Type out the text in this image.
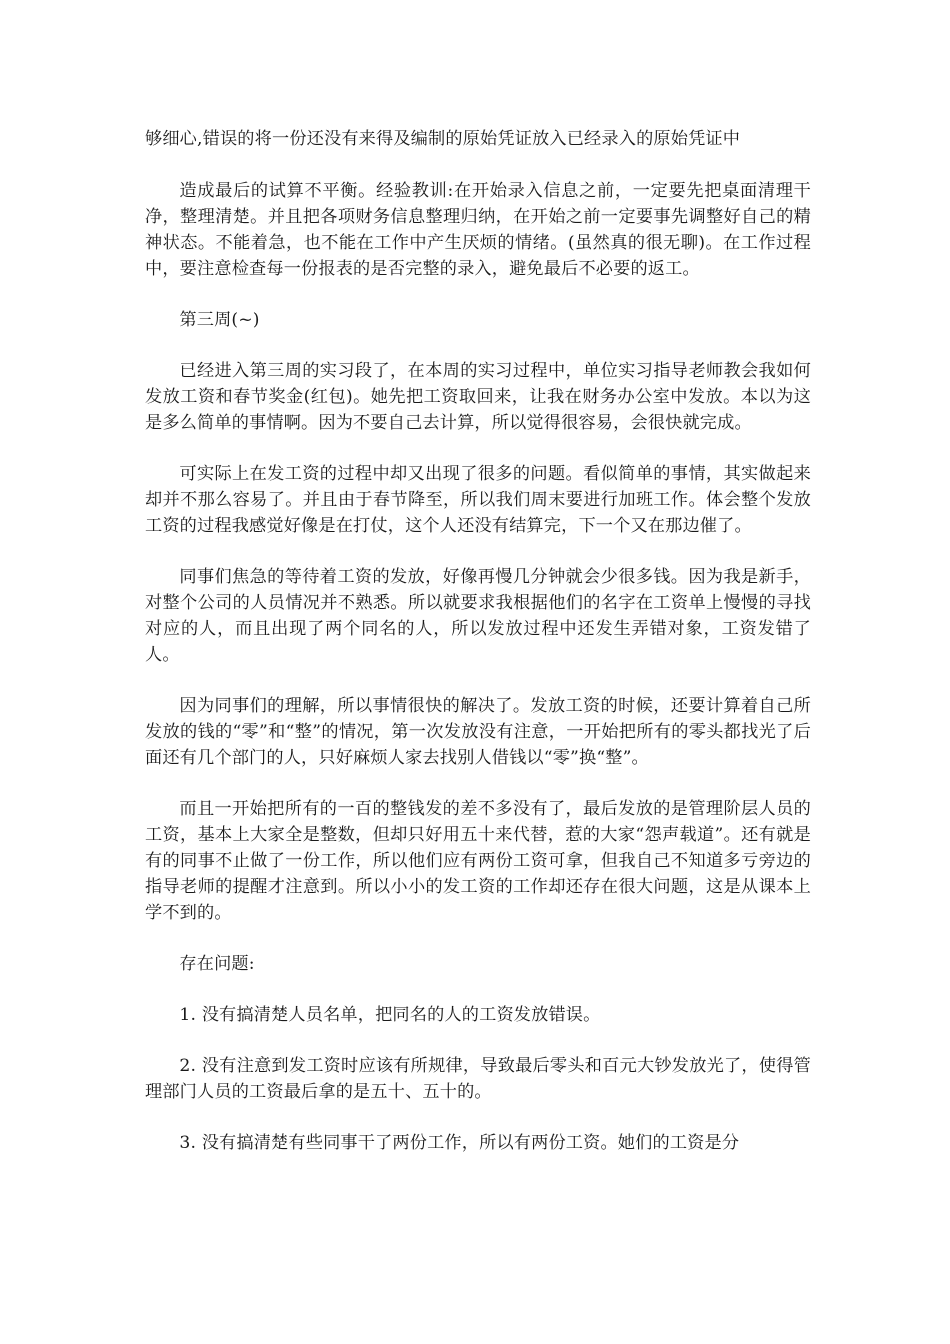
够细心,错误的将一份还没有来得及编制的原始凭证放入已经录入的原始凭证中

造成最后的试算不平衡。经验教训:在开始录入信息之前，一定要先把桌面清理干净，整理清楚。并且把各项财务信息整理归纳，在开始之前一定要事先调整好自己的精神状态。不能着急，也不能在工作中产生厌烦的情绪。(虽然真的很无聊)。在工作过程中，要注意检查每一份报表的是否完整的录入，避免最后不必要的返工。

第三周(~)

已经进入第三周的实习段了，在本周的实习过程中，单位实习指导老师教会我如何发放工资和春节奖金(红包)。她先把工资取回来，让我在财务办公室中发放。本以为这是多么简单的事情啊。因为不要自己去计算，所以觉得很容易，会很快就完成。

可实际上在发工资的过程中却又出现了很多的问题。看似简单的事情，其实做起来却并不那么容易了。并且由于春节降至，所以我们周末要进行加班工作。体会整个发放工资的过程我感觉好像是在打仗，这个人还没有结算完，下一个又在那边催了。

同事们焦急的等待着工资的发放，好像再慢几分钟就会少很多钱。因为我是新手，对整个公司的人员情况并不熟悉。所以就要求我根据他们的名字在工资单上慢慢的寻找对应的人，而且出现了两个同名的人，所以发放过程中还发生弄错对象，工资发错了人。

因为同事们的理解，所以事情很快的解决了。发放工资的时候，还要计算着自己所发放的钱的“零”和“整”的情况，第一次发放没有注意，一开始把所有的零头都找光了后面还有几个部门的人，只好麻烦人家去找别人借钱以“零”换“整”。

而且一开始把所有的一百的整钱发的差不多没有了，最后发放的是管理阶层人员的工资，基本上大家全是整数，但却只好用五十来代替，惹的大家“怨声载道”。还有就是有的同事不止做了一份工作，所以他们应有两份工资可拿，但我自己不知道多亏旁边的指导老师的提醒才注意到。所以小小的发工资的工作却还存在很大问题，这是从课本上学不到的。

存在问题:

1. 没有搞清楚人员名单，把同名的人的工资发放错误。

2. 没有注意到发工资时应该有所规律，导致最后零头和百元大钞发放光了，使得管理部门人员的工资最后拿的是五十、五十的。

3. 没有搞清楚有些同事干了两份工作，所以有两份工资。她们的工资是分
